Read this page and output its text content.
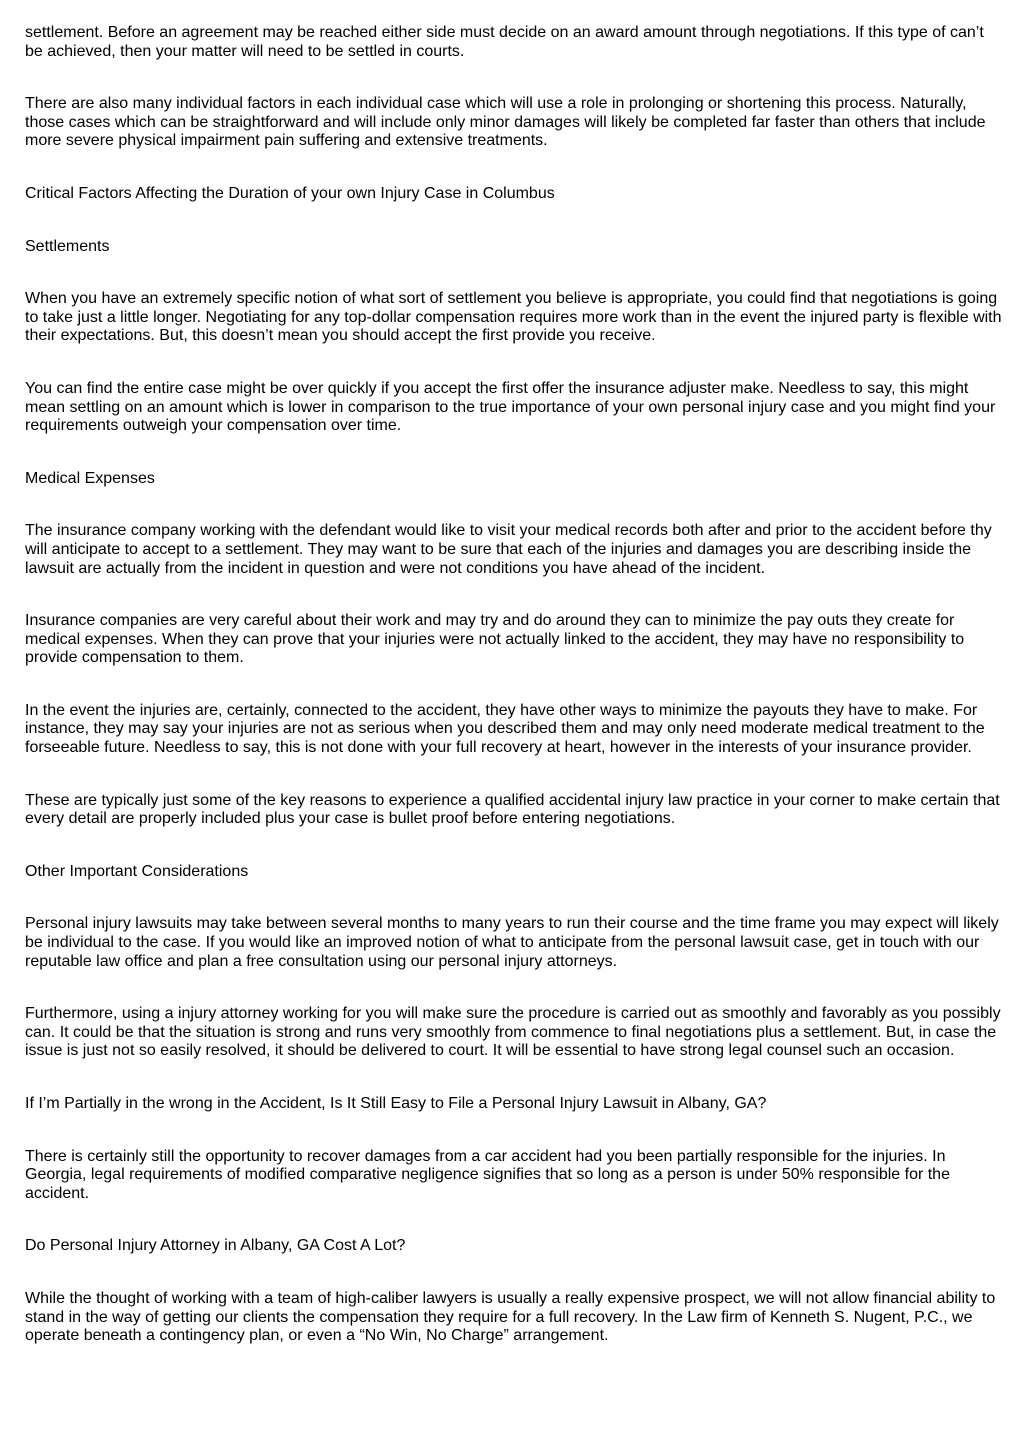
settlement. Before an agreement may be reached either side must decide on an award amount through negotiations. If this type of can’t be achieved, then your matter will need to be settled in courts.

There are also many individual factors in each individual case which will use a role in prolonging or shortening this process. Naturally, those cases which can be straightforward and will include only minor damages will likely be completed far faster than others that include more severe physical impairment pain suffering and extensive treatments.

Critical Factors Affecting the Duration of your own Injury Case in Columbus

Settlements

When you have an extremely specific notion of what sort of settlement you believe is appropriate, you could find that negotiations is going to take just a little longer. Negotiating for any top-dollar compensation requires more work than in the event the injured party is flexible with their expectations. But, this doesn’t mean you should accept the first provide you receive.

You can find the entire case might be over quickly if you accept the first offer the insurance adjuster make. Needless to say, this might mean settling on an amount which is lower in comparison to the true importance of your own personal injury case and you might find your requirements outweigh your compensation over time.

Medical Expenses

The insurance company working with the defendant would like to visit your medical records both after and prior to the accident before thy will anticipate to accept to a settlement. They may want to be sure that each of the injuries and damages you are describing inside the lawsuit are actually from the incident in question and were not conditions you have ahead of the incident.

Insurance companies are very careful about their work and may try and do around they can to minimize the pay outs they create for medical expenses. When they can prove that your injuries were not actually linked to the accident, they may have no responsibility to provide compensation to them.

In the event the injuries are, certainly, connected to the accident, they have other ways to minimize the payouts they have to make. For instance, they may say your injuries are not as serious when you described them and may only need moderate medical treatment to the forseeable future. Needless to say, this is not done with your full recovery at heart, however in the interests of your insurance provider.

These are typically just some of the key reasons to experience a qualified accidental injury law practice in your corner to make certain that every detail are properly included plus your case is bullet proof before entering negotiations.

Other Important Considerations

Personal injury lawsuits may take between several months to many years to run their course and the time frame you may expect will likely be individual to the case. If you would like an improved notion of what to anticipate from the personal lawsuit case, get in touch with our reputable law office and plan a free consultation using our personal injury attorneys.

Furthermore, using a injury attorney working for you will make sure the procedure is carried out as smoothly and favorably as you possibly can. It could be that the situation is strong and runs very smoothly from commence to final negotiations plus a settlement. But, in case the issue is just not so easily resolved, it should be delivered to court. It will be essential to have strong legal counsel such an occasion.

If I’m Partially in the wrong in the Accident, Is It Still Easy to File a Personal Injury Lawsuit in Albany, GA?

There is certainly still the opportunity to recover damages from a car accident had you been partially responsible for the injuries. In Georgia, legal requirements of modified comparative negligence signifies that so long as a person is under 50% responsible for the accident.

Do Personal Injury Attorney in Albany, GA Cost A Lot?

While the thought of working with a team of high-caliber lawyers is usually a really expensive prospect, we will not allow financial ability to stand in the way of getting our clients the compensation they require for a full recovery. In the Law firm of Kenneth S. Nugent, P.C., we operate beneath a contingency plan, or even a “No Win, No Charge” arrangement.
